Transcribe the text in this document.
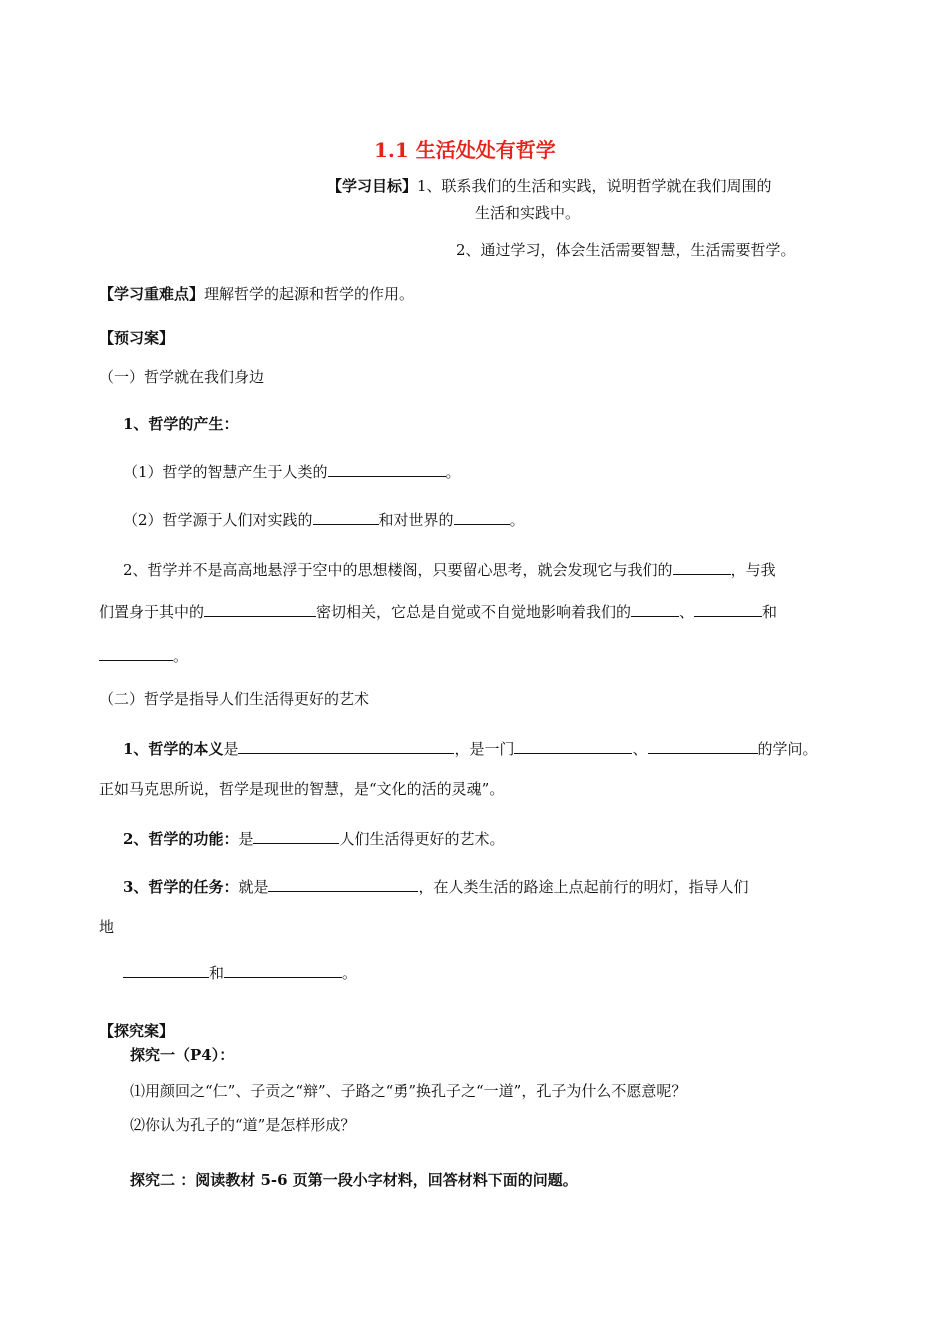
1.1 生活处处有哲学
【学习目标】1、联系我们的生活和实践，说明哲学就在我们周围的
生活和实践中。
2、通过学习，体会生活需要智慧，生活需要哲学。
【学习重难点】理解哲学的起源和哲学的作用。
【预习案】
（一）哲学就在我们身边
1、哲学的产生：
（1）哲学的智慧产生于人类的	。
（2）哲学源于人们对实践的	和对世界的	。
2、哲学并不是高高地悬浮于空中的思想楼阁，只要留心思考，就会发现它与我们的	，与我
们置身于其中的	密切相关，它总是自觉或不自觉地影响着我们的	、	和
。
（二）哲学是指导人们生活得更好的艺术
1、哲学的本义是	，是一门	、	的学问。
正如马克思所说，哲学是现世的智慧，是“文化的活的灵魂”。
2、哲学的功能：是	人们生活得更好的艺术。
3、哲学的任务：就是	，在人类生活的路途上点起前行的明灯，指导人们
地
和	。
【探究案】
探究一（P4）：
⑴用颜回之“仁”、子贡之“辩”、子路之“勇”换孔子之“一道”，孔子为什么不愿意呢？
⑵你认为孔子的“道”是怎样形成？
探究二 ：阅读教材 5-6 页第一段小字材料，回答材料下面的问题。
